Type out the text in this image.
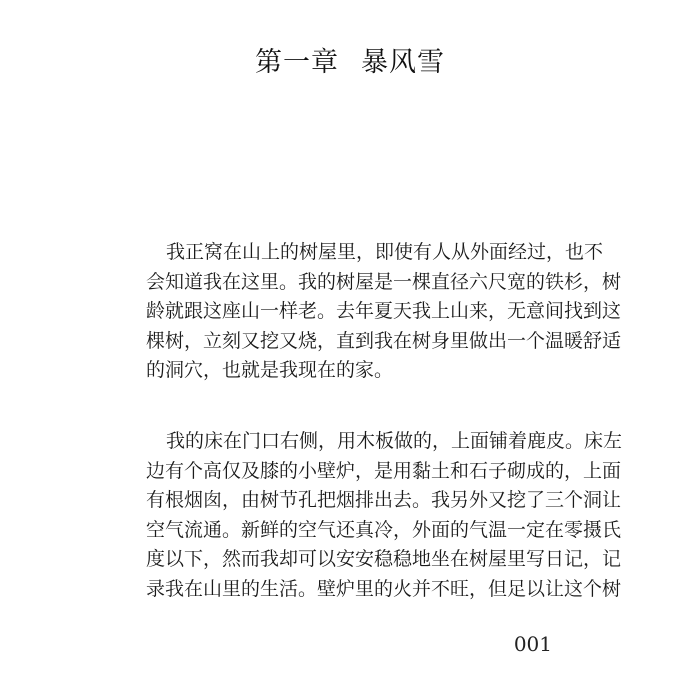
第一章 暴风雪
我正窝在山上的树屋里，即使有人从外面经过，也不
会知道我在这里。我的树屋是一棵直径六尺宽的铁杉，树
龄就跟这座山一样老。去年夏天我上山来，无意间找到这
棵树，立刻又挖又烧，直到我在树身里做出一个温暖舒适
的洞穴，也就是我现在的家。
我的床在门口右侧，用木板做的，上面铺着鹿皮。床左
边有个高仅及膝的小壁炉，是用黏土和石子砌成的，上面
有根烟囱，由树节孔把烟排出去。我另外又挖了三个洞让
空气流通。新鲜的空气还真冷，外面的气温一定在零摄氏
度以下，然而我却可以安安稳稳地坐在树屋里写日记，记
录我在山里的生活。壁炉里的火并不旺，但足以让这个树
001
